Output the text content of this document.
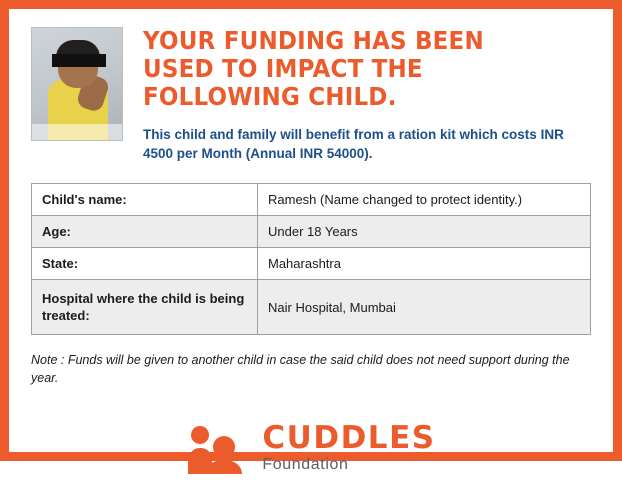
YOUR FUNDING HAS BEEN USED TO IMPACT THE FOLLOWING CHILD.

This child and family will benefit from a ration kit which costs INR 4500 per Month (Annual INR 54000).

Child's name:	Ramesh (Name changed to protect identity.)
Age:	Under 18 Years
State:	Maharashtra
Hospital where the child is being treated:	Nair Hospital, Mumbai

Note : Funds will be given to another child in case the said child does not need support during the year.

CUDDLES
Foundation
